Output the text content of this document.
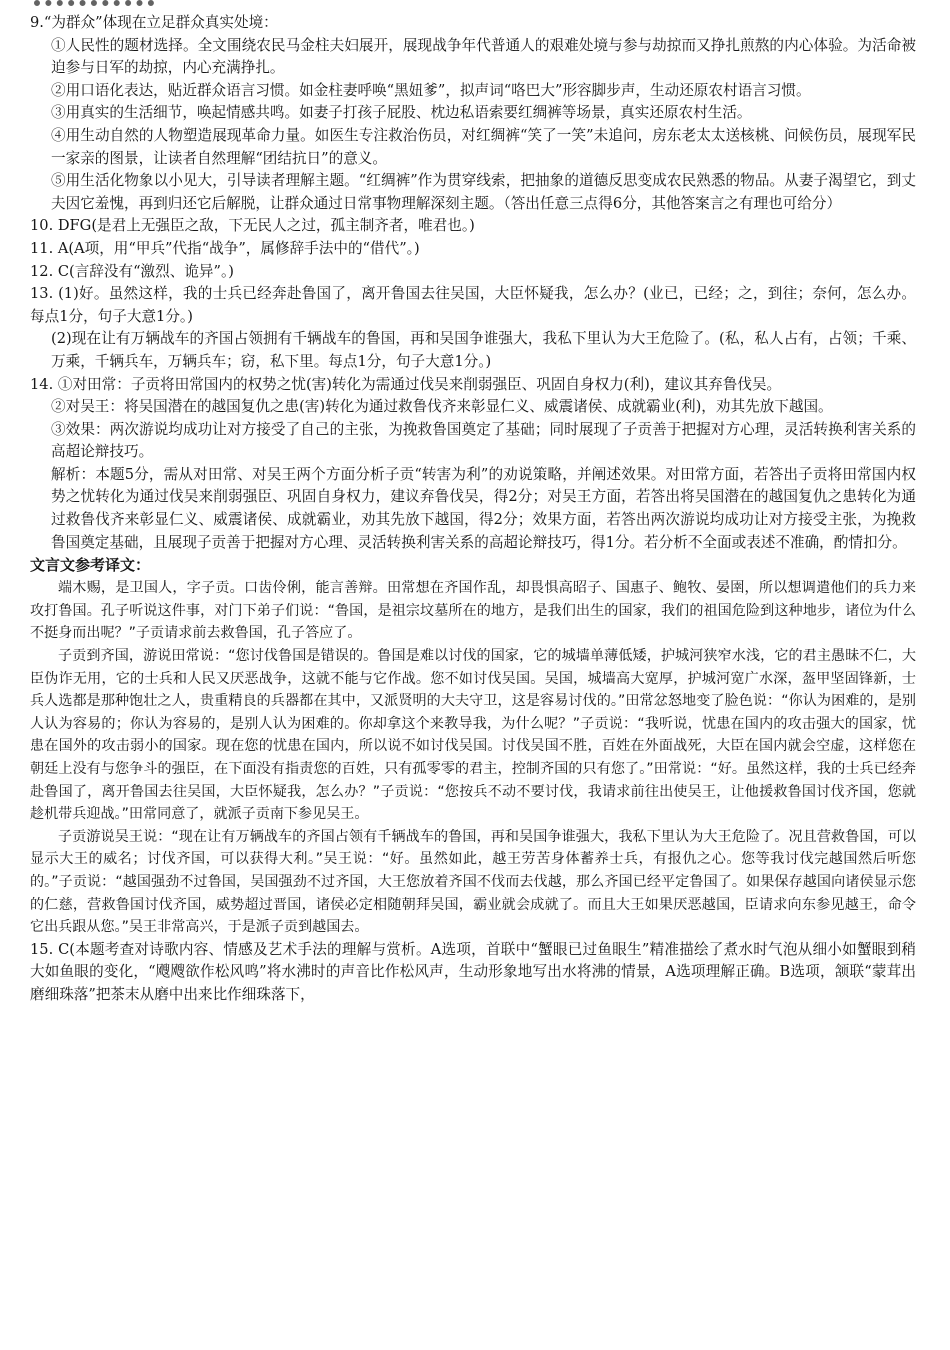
9.“为群众”体现在立足群众真实处境：

①人民性的题材选择。全文围绕农民马金柱夫妇展开，展现战争年代普通人的艰难处境与参与劫掠而又挣扎煎熬的内心体验。为活命被迫参与日军的劫掠，内心充满挣扎。

②用口语化表达，贴近群众语言习惯。如金柱妻呼唤“黑妞爹”，拟声词“咯巴大”形容脚步声，生动还原农村语言习惯。

③用真实的生活细节，唤起情感共鸣。如妻子打孩子屁股、枕边私语索要红绸裤等场景，真实还原农村生活。

④用生动自然的人物塑造展现革命力量。如医生专注救治伤员，对红绸裤“笑了一笑”未追问，房东老太太送核桃、问候伤员，展现军民一家亲的图景，让读者自然理解“团结抗日”的意义。

⑤用生活化物象以小见大，引导读者理解主题。“红绸裤”作为贯穿线索，把抽象的道德反思变成农民熟悉的物品。从妻子渴望它，到丈夫因它羞愧，再到归还它后解脱，让群众通过日常事物理解深刻主题。（答出任意三点得6分，其他答案言之有理也可给分）

10. DFG(是君上无强臣之敌，下无民人之过，孤主制齐者，唯君也。)

11. A(A项，用“甲兵”代指“战争”，属修辞手法中的“借代”。)

12. C(言辞没有“激烈、诡异”。)

13. (1)好。虽然这样，我的士兵已经奔赴鲁国了，离开鲁国去往吴国，大臣怀疑我，怎么办？(业已，已经；之，到往；奈何，怎么办。每点1分，句子大意1分。)

(2)现在让有万辆战车的齐国占领拥有千辆战车的鲁国，再和吴国争谁强大，我私下里认为大王危险了。(私，私人占有，占领；千乘、万乘，千辆兵车，万辆兵车；窃，私下里。每点1分，句子大意1分。)

14. ①对田常：子贡将田常国内的权势之忧(害)转化为需通过伐吴来削弱强臣、巩固自身权力(利)，建议其弃鲁伐吴。

②对吴王：将吴国潜在的越国复仇之患(害)转化为通过救鲁伐齐来彰显仁义、威震诸侯、成就霸业(利)，劝其先放下越国。

③效果：两次游说均成功让对方接受了自己的主张，为挽救鲁国奠定了基础；同时展现了子贡善于把握对方心理，灵活转换利害关系的高超论辩技巧。

解析：本题5分，需从对田常、对吴王两个方面分析子贡“转害为利”的劝说策略，并阐述效果。对田常方面，若答出子贡将田常国内权势之忧转化为通过伐吴来削弱强臣、巩固自身权力，建议弃鲁伐吴，得2分；对吴王方面，若答出将吴国潜在的越国复仇之患转化为通过救鲁伐齐来彰显仁义、威震诸侯、成就霸业，劝其先放下越国，得2分；效果方面，若答出两次游说均成功让对方接受主张，为挽救鲁国奠定基础，且展现子贡善于把握对方心理、灵活转换利害关系的高超论辩技巧，得1分。若分析不全面或表述不准确，酌情扣分。

文言文参考译文：

端木赐，是卫国人，字子贡。口齿伶俐，能言善辩。田常想在齐国作乱，却畏惧高昭子、国惠子、鲍牧、晏圉，所以想调遣他们的兵力来攻打鲁国。孔子听说这件事，对门下弟子们说：“鲁国，是祖宗坟墓所在的地方，是我们出生的国家，我们的祖国危险到这种地步，诸位为什么不挺身而出呢？”子贡请求前去救鲁国，孔子答应了。

子贡到齐国，游说田常说：“您讨伐鲁国是错误的。鲁国是难以讨伐的国家，它的城墙单薄低矮，护城河狭窄水浅，它的君主愚昧不仁，大臣伪诈无用，它的士兵和人民又厌恶战争，这就不能与它作战。您不如讨伐吴国。吴国，城墙高大宽厚，护城河宽广水深，盔甲坚固锋新，士兵人选都是那种饱壮之人，贵重精良的兵器都在其中，又派贤明的大夫守卫，这是容易讨伐的。”田常忿怒地变了脸色说：“你认为困难的，是别人认为容易的；你认为容易的，是别人认为困难的。你却拿这个来教导我，为什么呢？”子贡说：“我听说，忧患在国内的攻击强大的国家，忧患在国外的攻击弱小的国家。现在您的忧患在国内，所以说不如讨伐吴国。讨伐吴国不胜，百姓在外面战死，大臣在国内就会空虚，这样您在朝廷上没有与您争斗的强臣，在下面没有指责您的百姓，只有孤零零的君主，控制齐国的只有您了。”田常说：“好。虽然这样，我的士兵已经奔赴鲁国了，离开鲁国去往吴国，大臣怀疑我，怎么办？”子贡说：“您按兵不动不要讨伐，我请求前往出使吴王，让他援救鲁国讨伐齐国，您就趁机带兵迎战。”田常同意了，就派子贡南下参见吴王。

子贡游说吴王说：“现在让有万辆战车的齐国占领有千辆战车的鲁国，再和吴国争谁强大，我私下里认为大王危险了。况且营救鲁国，可以显示大王的威名；讨伐齐国，可以获得大利。”吴王说：“好。虽然如此，越王劳苦身体蓄养士兵，有报仇之心。您等我讨伐完越国然后听您的。”子贡说：“越国强劲不过鲁国，吴国强劲不过齐国，大王您放着齐国不伐而去伐越，那么齐国已经平定鲁国了。如果保存越国向诸侯显示您的仁慈，营救鲁国讨伐齐国，威势超过晋国，诸侯必定相随朝拜吴国，霸业就会成就了。而且大王如果厌恶越国，臣请求向东参见越王，命令它出兵跟从您。”吴王非常高兴，于是派子贡到越国去。

15. C(本题考查对诗歌内容、情感及艺术手法的理解与赏析。A选项，首联中“蟹眼已过鱼眼生”精准描绘了煮水时气泡从细小如蟹眼到稍大如鱼眼的变化，“飕飕欲作松风鸣”将水沸时的声音比作松风声，生动形象地写出水将沸的情景，A选项理解正确。B选项，颔联“蒙茸出磨细珠落”把茶末从磨中出来比作细珠落下，
